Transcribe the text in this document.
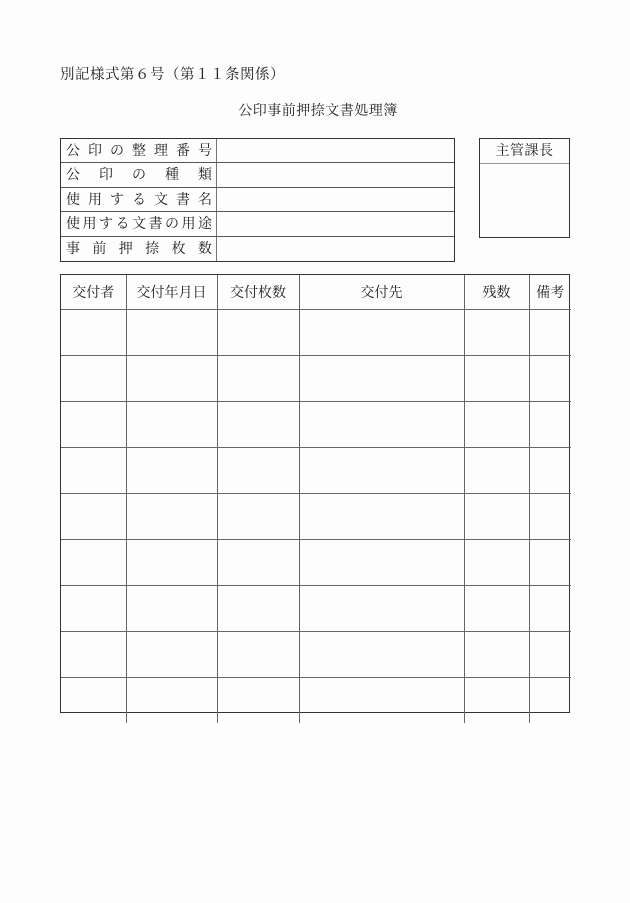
別記様式第６号（第１１条関係）
公印事前押捺文書処理簿
公 印 の 整 理 番 号
公 印 の 種 類
使 用 す る 文 書 名
使 用 す る 文 書 の 用 途
事 前 押 捺 枚 数
主管課長
交付者	交付年月日	交付枚数	交付先	残数	備考
